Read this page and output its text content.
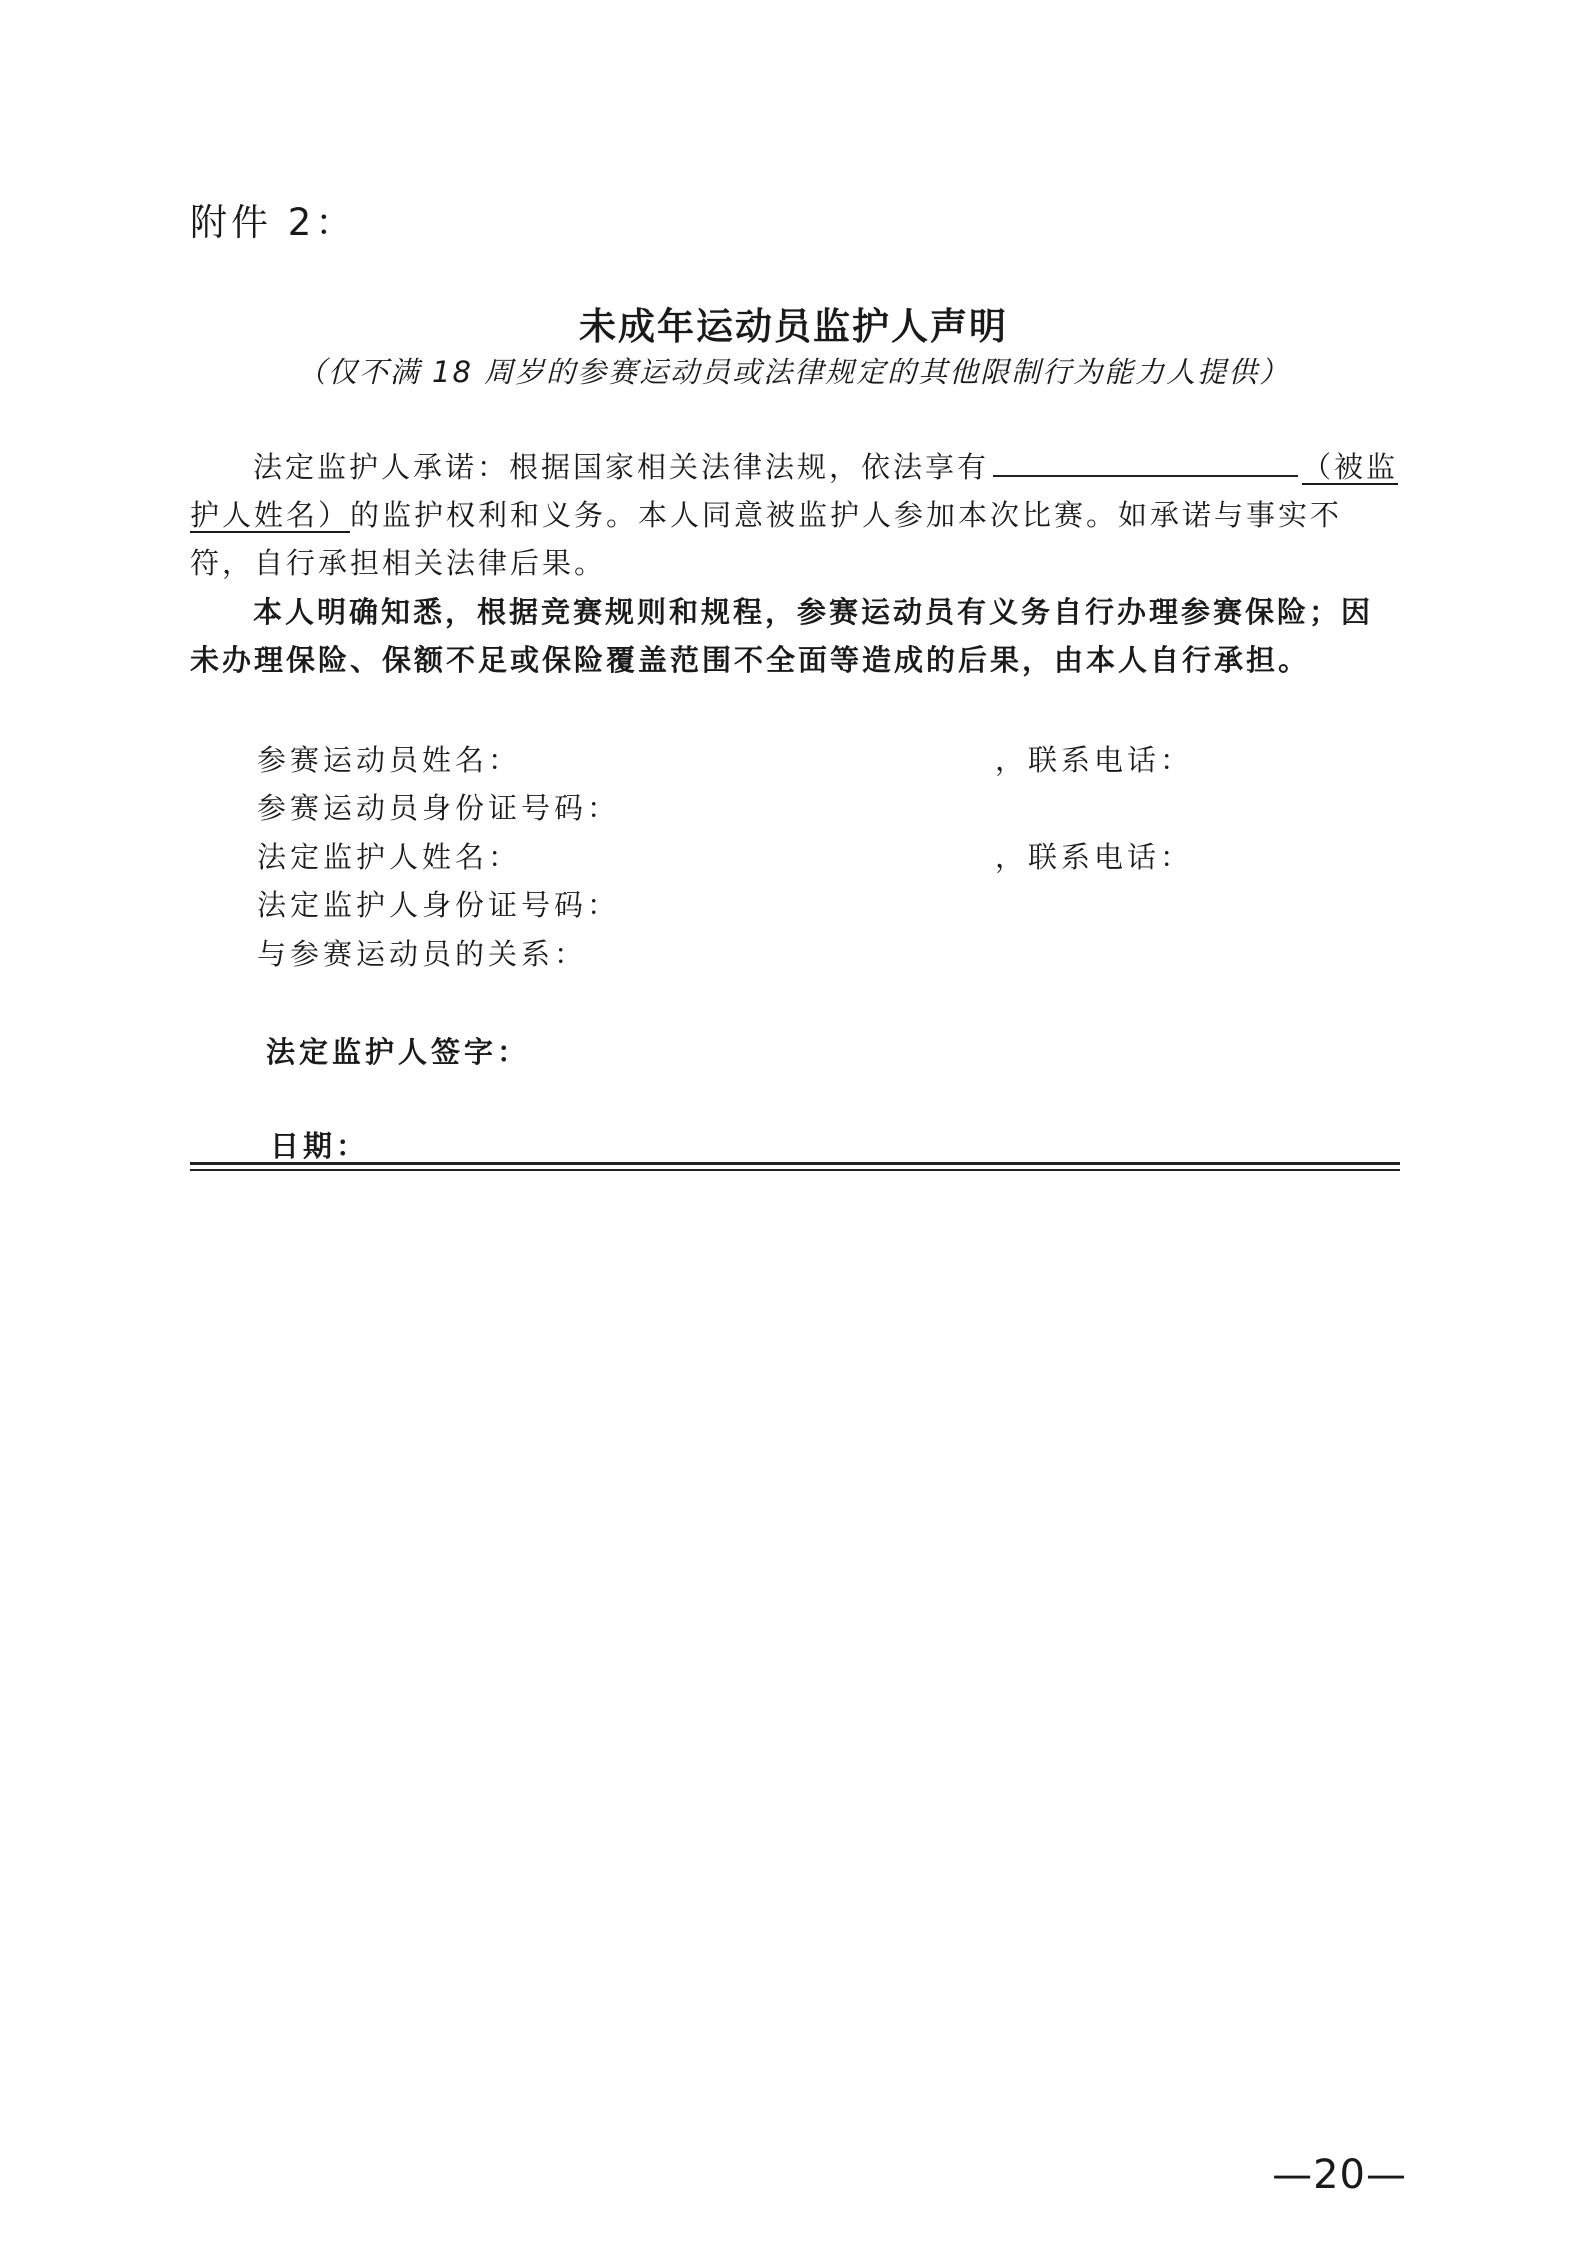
附件 2：
未成年运动员监护人声明
（仅不满 18 周岁的参赛运动员或法律规定的其他限制行为能力人提供）
法定监护人承诺：根据国家相关法律法规，依法享有	（被监护人姓名）的监护权利和义务。本人同意被监护人参加本次比赛。如承诺与事实不符，自行承担相关法律后果。
本人明确知悉，根据竞赛规则和规程，参赛运动员有义务自行办理参赛保险；因未办理保险、保额不足或保险覆盖范围不全面等造成的后果，由本人自行承担。
参赛运动员姓名：	，联系电话：
参赛运动员身份证号码：
法定监护人姓名：	，联系电话：
法定监护人身份证号码：
与参赛运动员的关系：
法定监护人签字：
日期：
—20—
